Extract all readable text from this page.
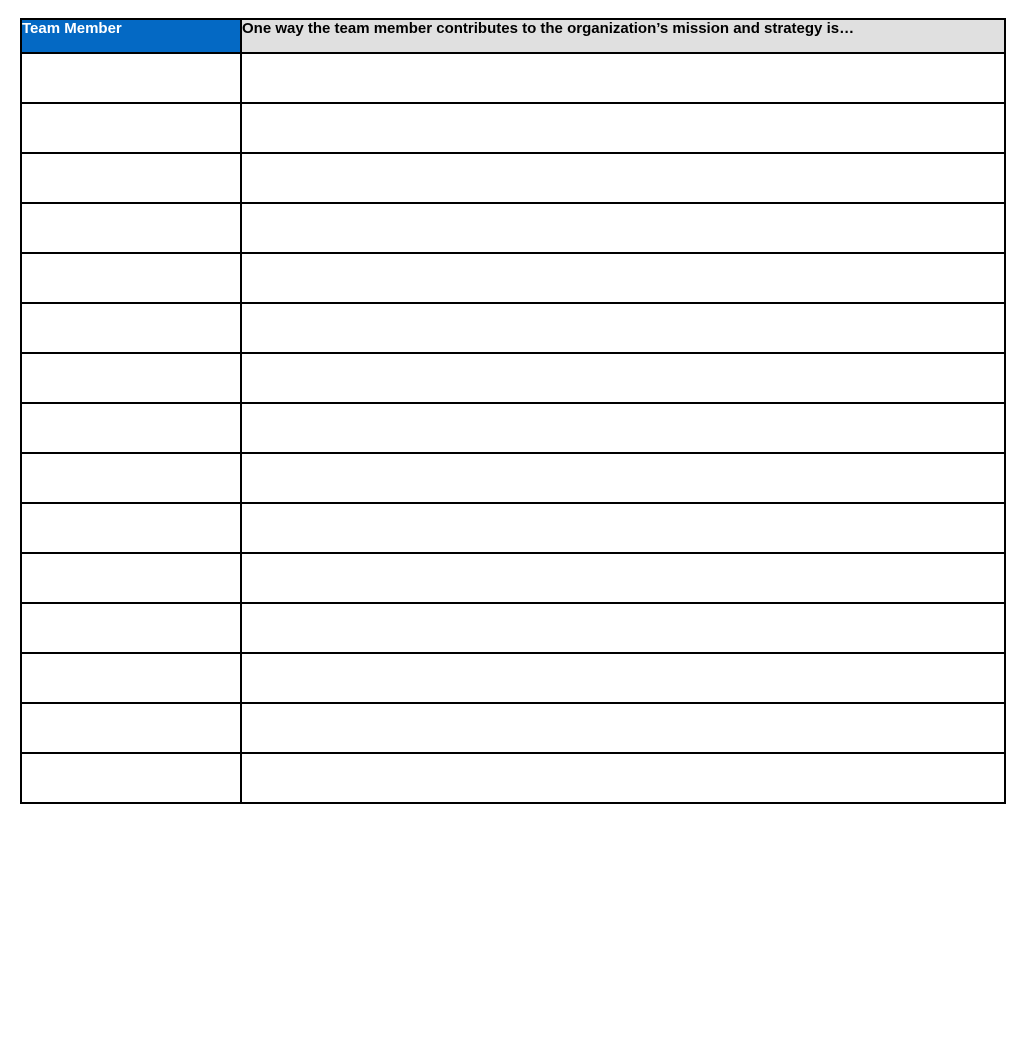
Team Member	One way the team member contributes to the organization’s mission and strategy is…
